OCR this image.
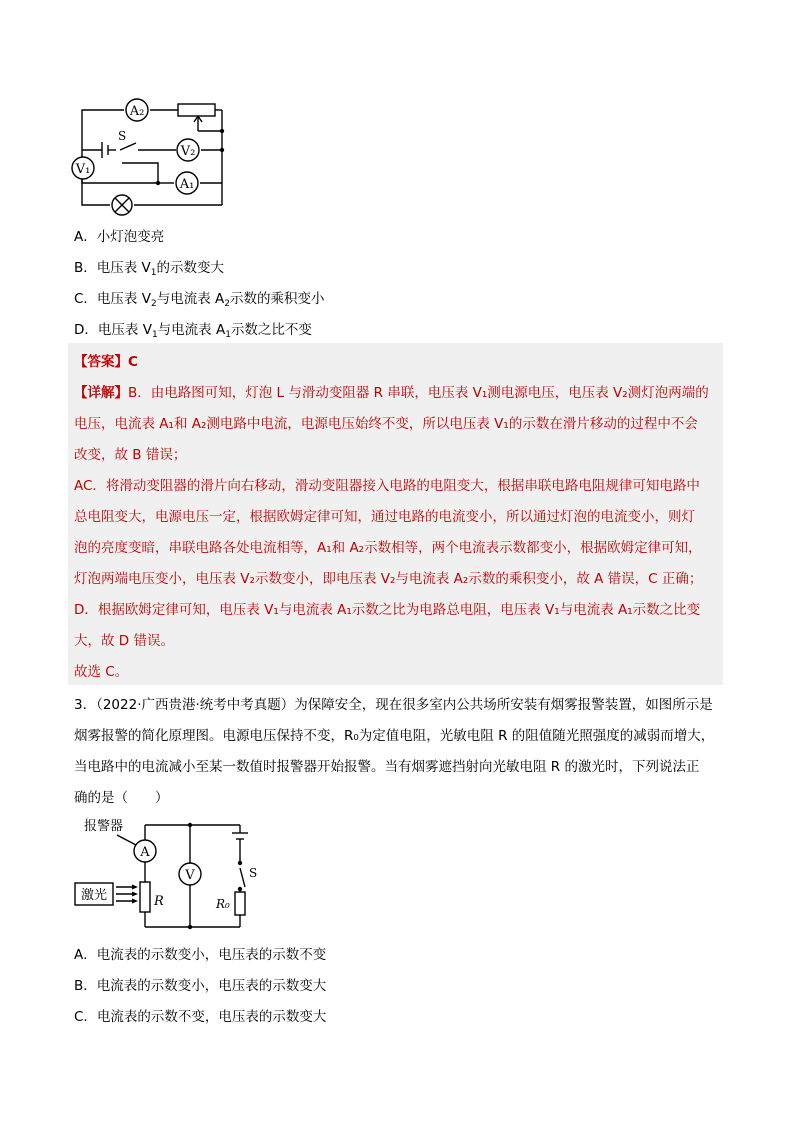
A₂
V₂
A₁
V₁
S
A．小灯泡变亮
B．电压表 $V_1$的示数变大
C．电压表 $V_2$与电流表 $A_2$示数的乘积变小
D．电压表 $V_1$与电流表 $A_1$示数之比不变
【答案】C
【详解】B．由电路图可知，灯泡 L 与滑动变阻器 R 串联，电压表 V₁测电源电压，电压表 V₂测灯泡两端的
电压，电流表 A₁和 A₂测电路中电流，电源电压始终不变，所以电压表 V₁的示数在滑片移动的过程中不会
改变，故 B 错误；
AC．将滑动变阻器的滑片向右移动，滑动变阻器接入电路的电阻变大，根据串联电路电阻规律可知电路中
总电阻变大，电源电压一定，根据欧姆定律可知，通过电路的电流变小，所以通过灯泡的电流变小，则灯
泡的亮度变暗，串联电路各处电流相等，A₁和 A₂示数相等，两个电流表示数都变小，根据欧姆定律可知，
灯泡两端电压变小，电压表 V₂示数变小，即电压表 V₂与电流表 A₂示数的乘积变小，故 A 错误，C 正确；
D．根据欧姆定律可知，电压表 V₁与电流表 A₁示数之比为电路总电阻，电压表 V₁与电流表 A₁示数之比变
大，故 D 错误。
故选 C。
3．（2022·广西贵港·统考中考真题）为保障安全，现在很多室内公共场所安装有烟雾报警装置，如图所示是
烟雾报警的简化原理图。电源电压保持不变，R₀为定值电阻，光敏电阻 R 的阻值随光照强度的减弱而增大，
当电路中的电流减小至某一数值时报警器开始报警。当有烟雾遮挡射向光敏电阻 R 的激光时，下列说法正
确的是（　　）
报警器
A
V
激光	R	R₀
S
A．电流表的示数变小，电压表的示数不变
B．电流表的示数变小，电压表的示数变大
C．电流表的示数不变，电压表的示数变大
